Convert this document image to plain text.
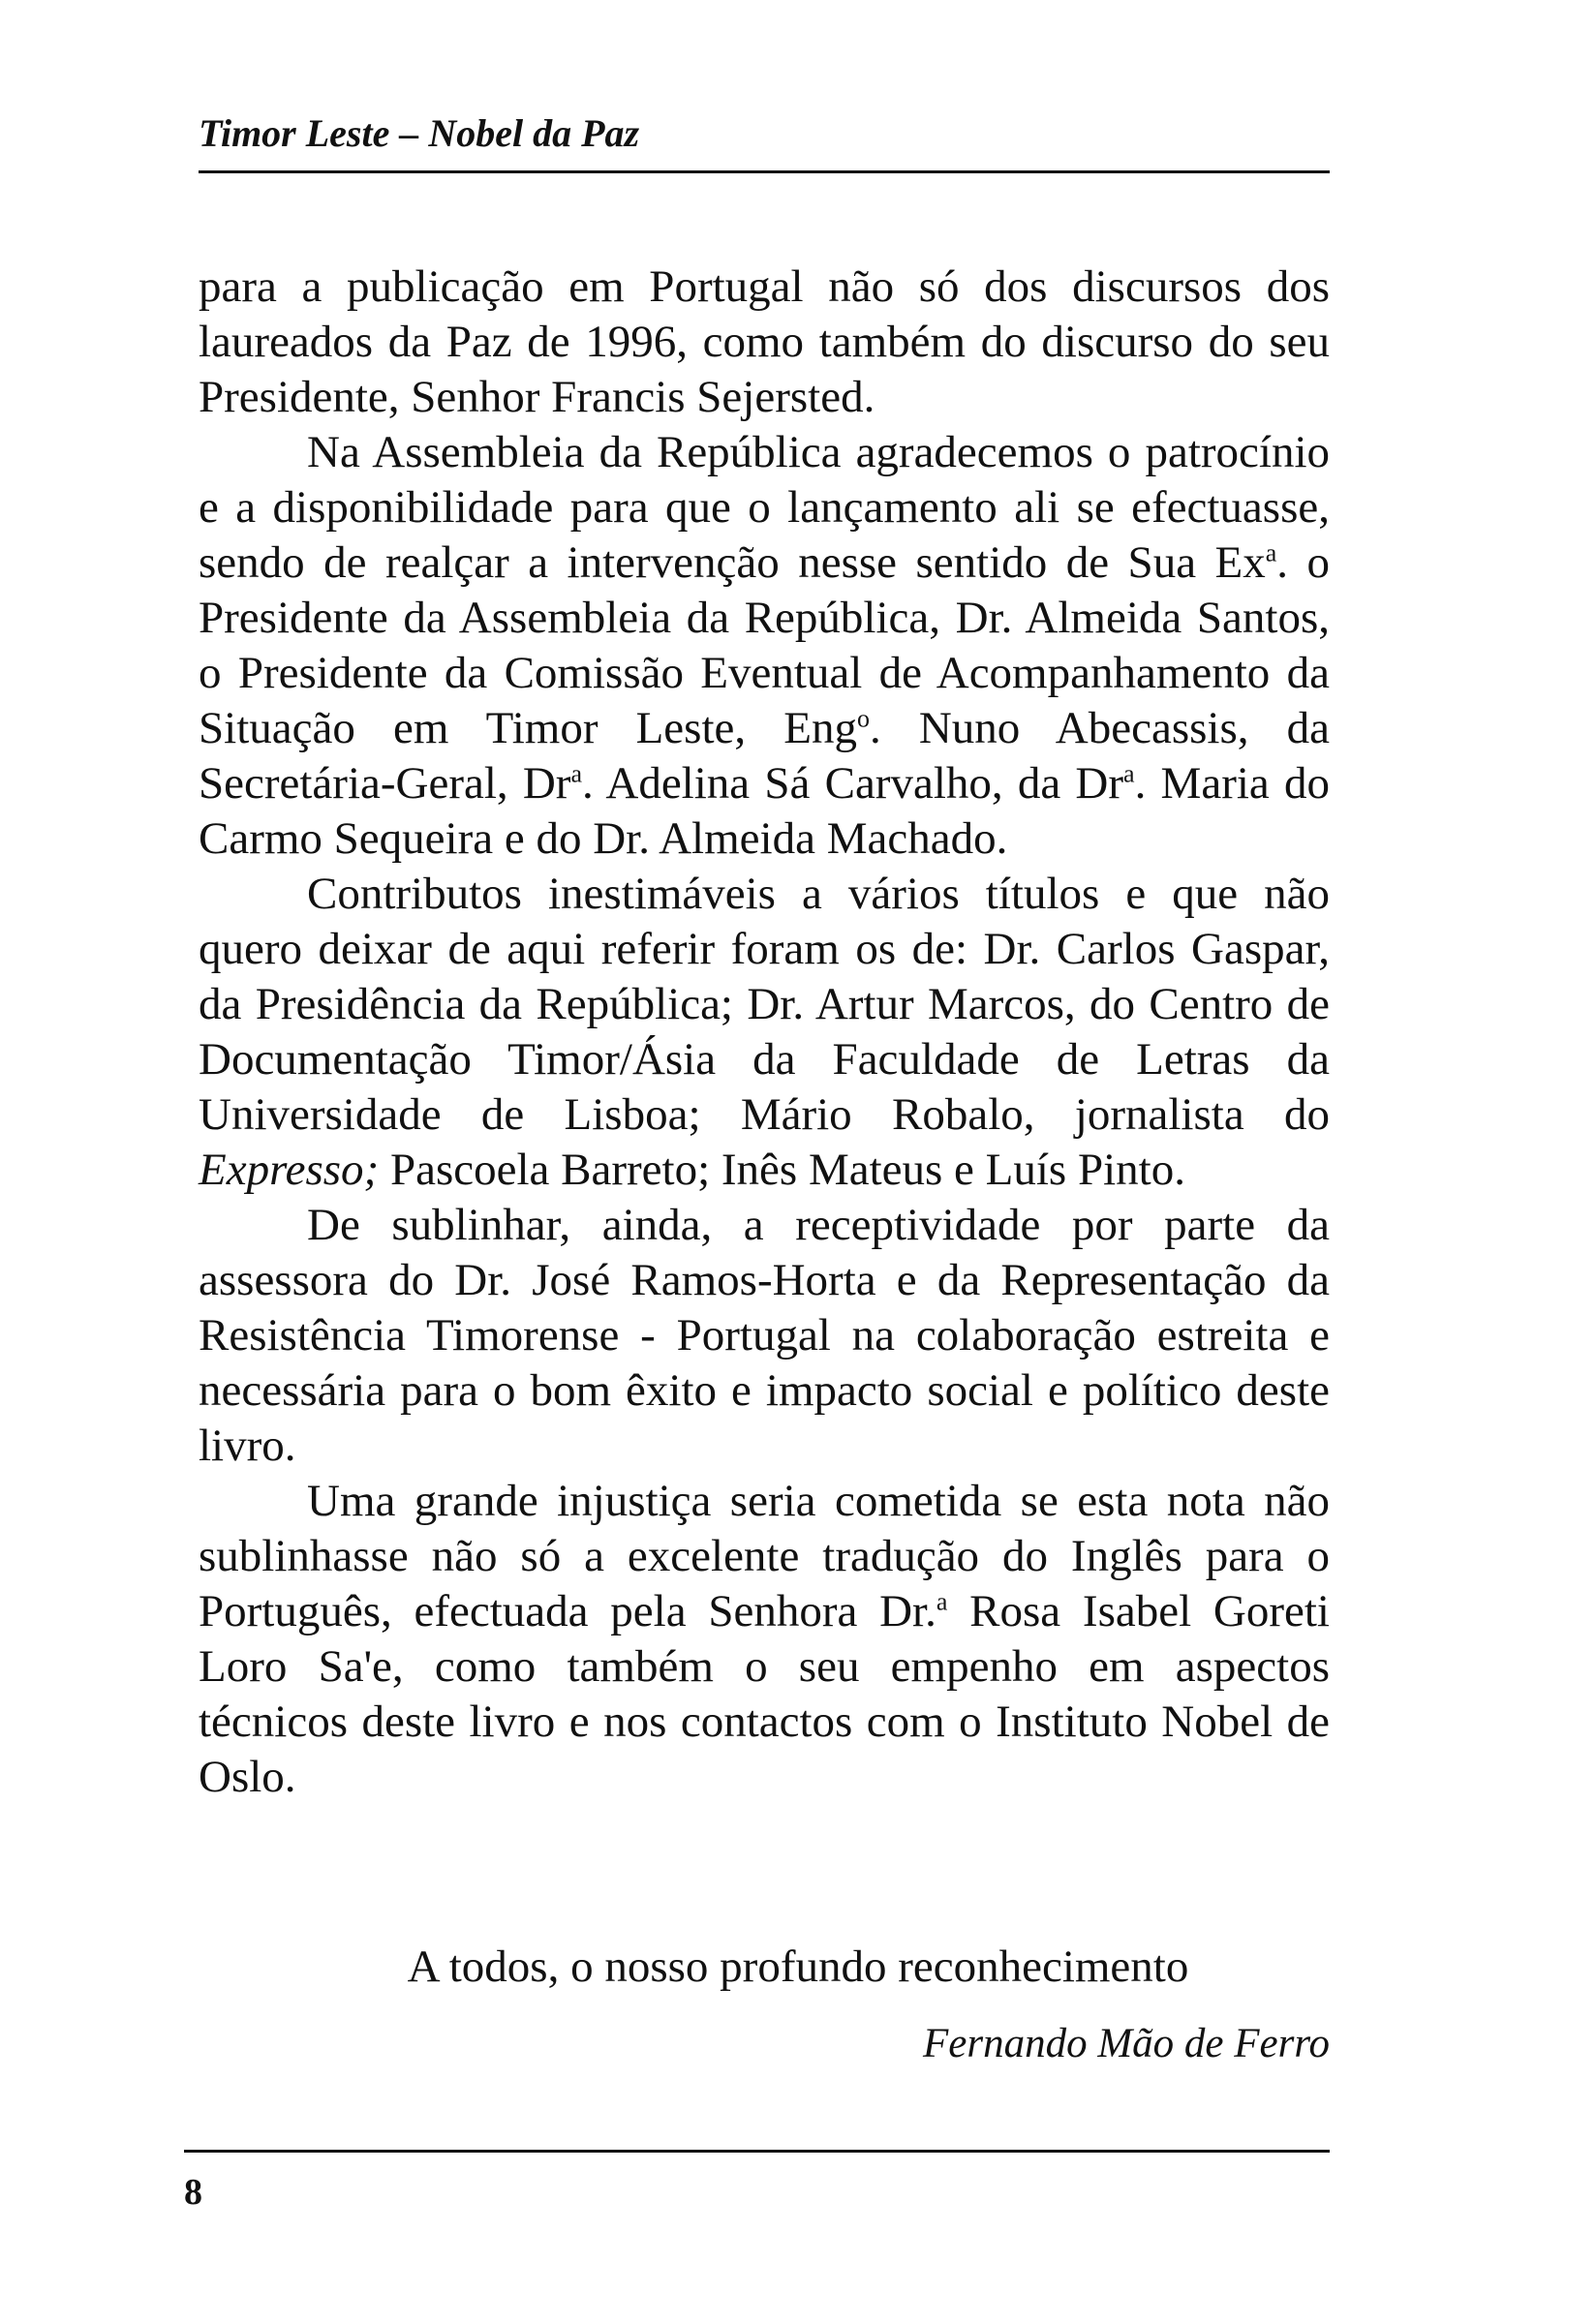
Timor Leste – Nobel da Paz

para a publicação em Portugal não só dos discursos dos laureados da Paz de 1996, como também do discurso do seu Presidente, Senhor Francis Sejersted.

Na Assembleia da República agradecemos o patrocínio e a disponibilidade para que o lançamento ali se efectuasse, sendo de realçar a intervenção nesse sentido de Sua Ex$^a$. o Presidente da Assembleia da República, Dr. Almeida Santos, o Presidente da Comissão Eventual de Acompanhamento da Situação em Timor Leste, Eng$^o$. Nuno Abecassis, da Secretária-Geral, Dr$^a$. Adelina Sá Carvalho, da Dr$^a$. Maria do Carmo Sequeira e do Dr. Almeida Machado.

Contributos inestimáveis a vários títulos e que não quero deixar de aqui referir foram os de: Dr. Carlos Gaspar, da Presidência da República; Dr. Artur Marcos, do Centro de Documentação Timor/Ásia da Faculdade de Letras da Universidade de Lisboa; Mário Robalo, jornalista do Expresso; Pascoela Barreto; Inês Mateus e Luís Pinto.

De sublinhar, ainda, a receptividade por parte da assessora do Dr. José Ramos-Horta e da Representação da Resistência Timorense - Portugal na colaboração estreita e necessária para o bom êxito e impacto social e político deste livro.

Uma grande injustiça seria cometida se esta nota não sublinhasse não só a excelente tradução do Inglês para o Português, efectuada pela Senhora Dr.$^a$ Rosa Isabel Goreti Loro Sa'e, como também o seu empenho em aspectos técnicos deste livro e nos contactos com o Instituto Nobel de Oslo.

A todos, o nosso profundo reconhecimento
Fernando Mão de Ferro
8
